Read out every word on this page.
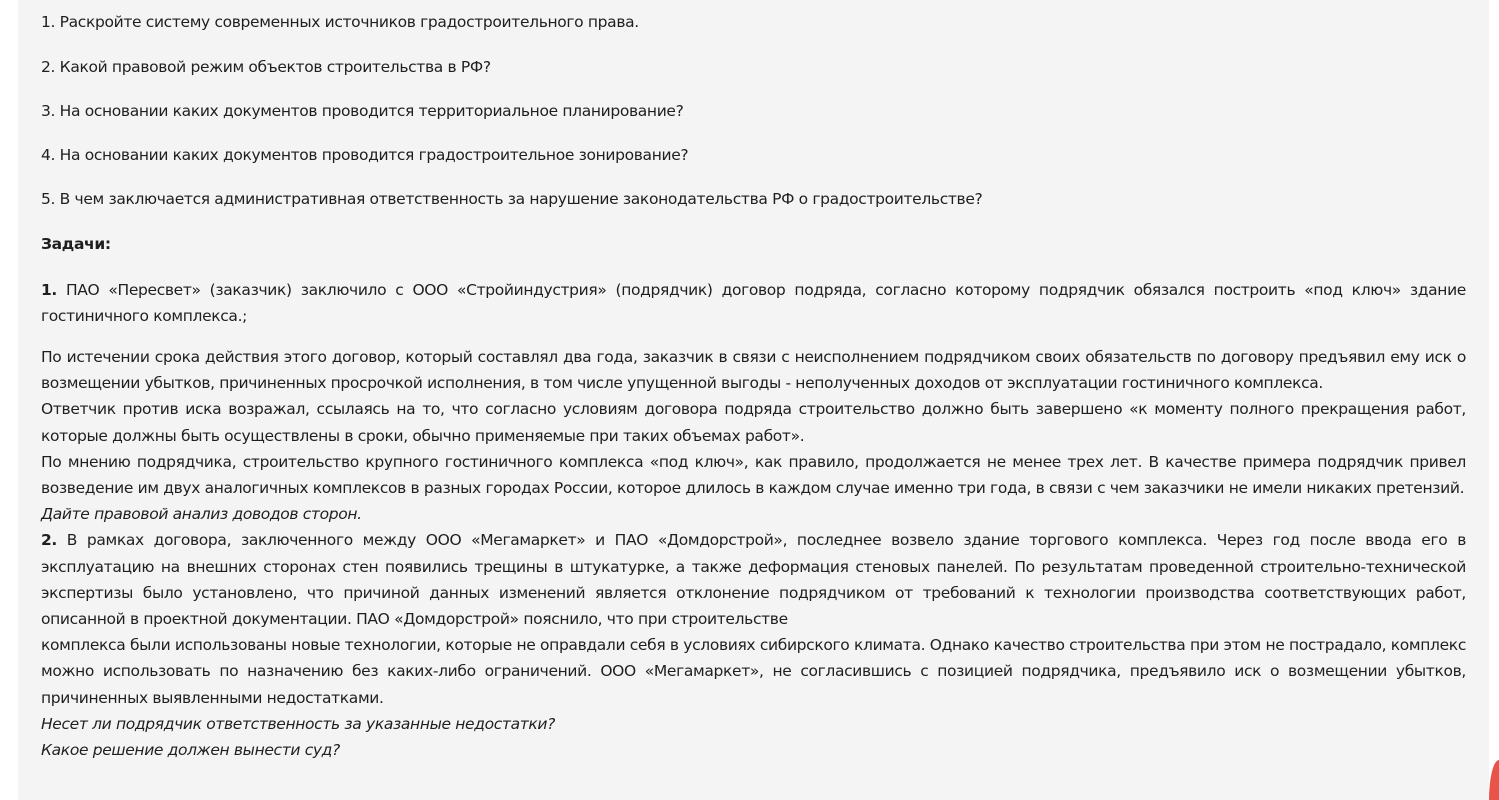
1. Раскройте систему современных источников градостроительного права.
2. Какой правовой режим объектов строительства в РФ?
3. На основании каких документов проводится территориальное планирование?
4. На основании каких документов проводится градостроительное зонирование?
5. В чем заключается административная ответственность за нарушение законодательства РФ о градостроительстве?
Задачи:
1. ПАО «Пересвет» (заказчик) заключило с ООО «Стройиндустрия» (подрядчик) договор подряда, согласно которому подрядчик обязался построить «под ключ» здание гостиничного комплекса.;
По истечении срока действия этого договор, который составлял два года, заказчик в связи с неисполнением подрядчиком своих обязательств по договору предъявил ему иск о возмещении убытков, причиненных просрочкой исполнения, в том числе упущенной выгоды - неполученных доходов от эксплуатации гостиничного комплекса.
Ответчик против иска возражал, ссылаясь на то, что согласно условиям договора подряда строительство должно быть завершено «к моменту полного прекращения работ, которые должны быть осуществлены в сроки, обычно применяемые при таких объемах работ».
По мнению подрядчика, строительство крупного гостиничного комплекса «под ключ», как правило, продолжается не менее трех лет. В качестве примера подрядчик привел возведение им двух аналогичных комплексов в разных городах России, которое длилось в каждом случае именно три года, в связи с чем заказчики не имели никаких претензий.
Дайте правовой анализ доводов сторон.
2. В рамках договора, заключенного между ООО «Мегамаркет» и ПАО «Домдорстрой», последнее возвело здание торгового комплекса. Через год после ввода его в эксплуатацию на внешних сторонах стен появились трещины в штукатурке, а также деформация стеновых панелей. По результатам проведенной строительно-технической экспертизы было установлено, что причиной данных изменений является отклонение подрядчиком от требований к технологии производства соответствующих работ, описанной в проектной документации. ПАО «Домдорстрой» пояснило, что при строительстве
комплекса были использованы новые технологии, которые не оправдали себя в условиях сибирского климата. Однако качество строительства при этом не пострадало, комплекс можно использовать по назначению без каких-либо ограничений. ООО «Мегамаркет», не согласившись с позицией подрядчика, предъявило иск о возмещении убытков, причиненных выявленными недостатками.
Несет ли подрядчик ответственность за указанные недостатки?
Какое решение должен вынести суд?
